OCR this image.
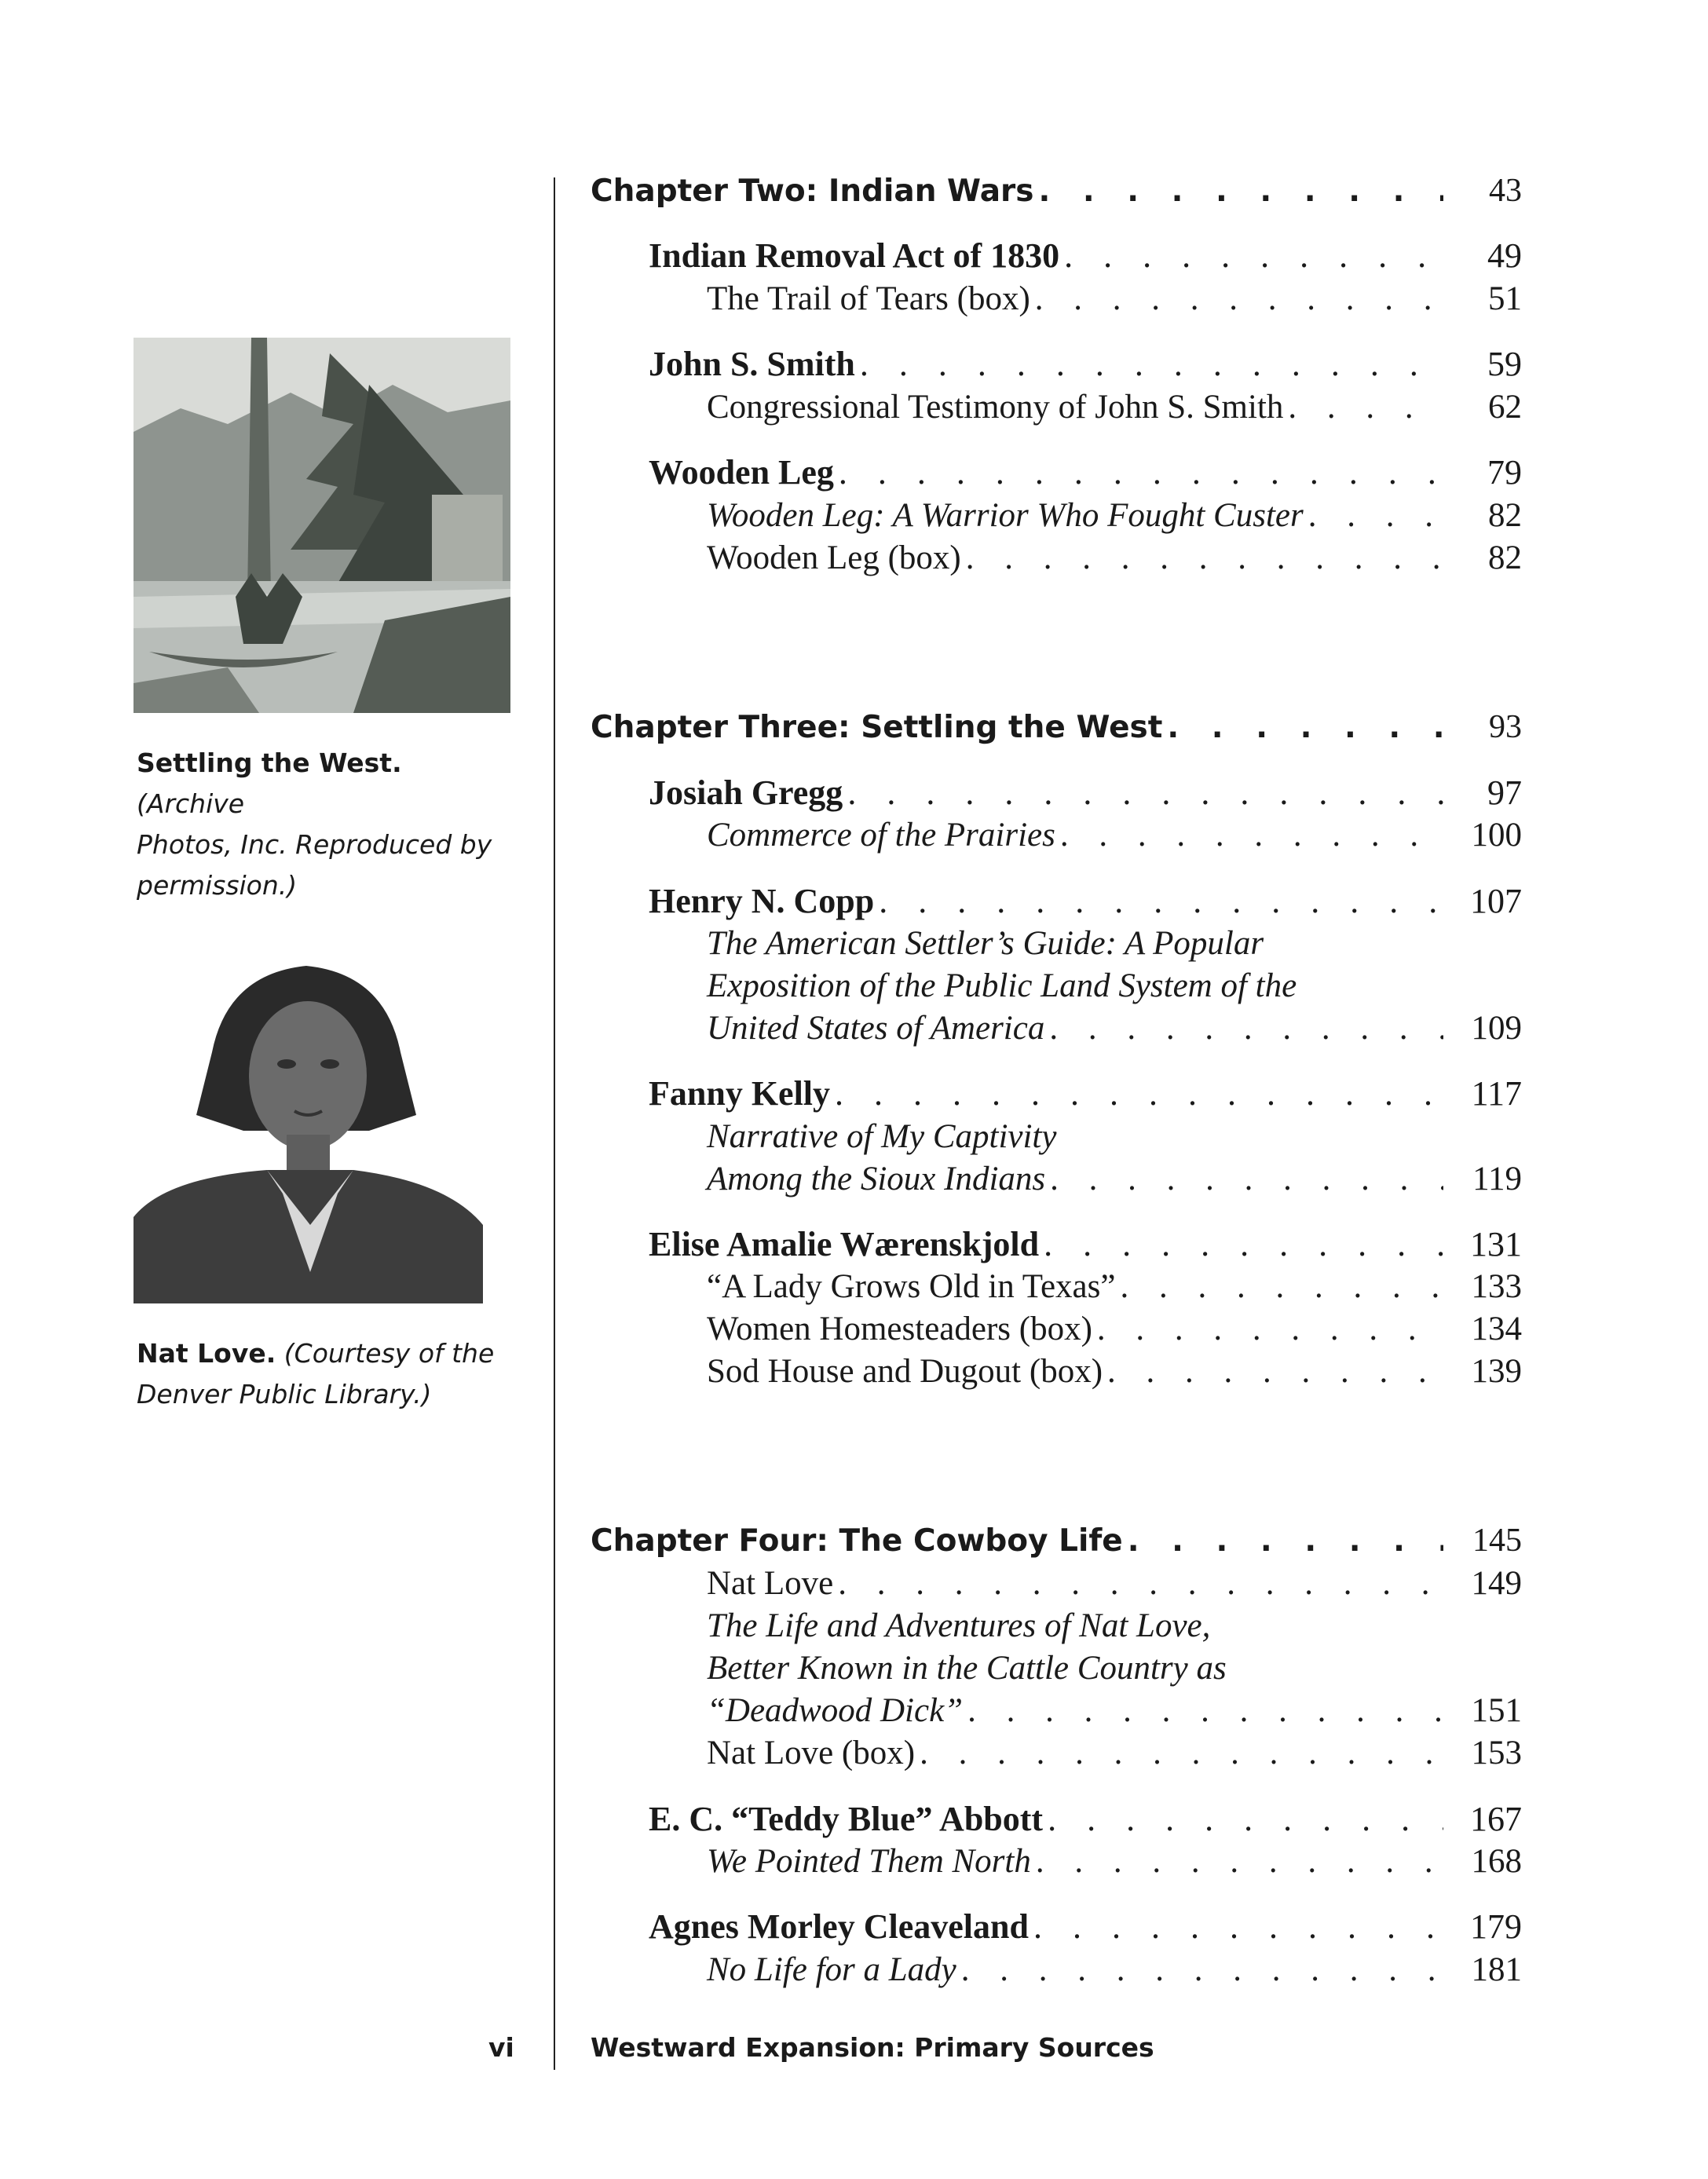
Settling the West. (Archive
Photos, Inc. Reproduced by
permission.)
Nat Love. (Courtesy of the
Denver Public Library.)
Chapter Two: Indian Wars . . .	43
Indian Removal Act of 1830 . . .	49
The Trail of Tears (box) . . .	51
John S. Smith . . .	59
Congressional Testimony of John S. Smith . . .	62
Wooden Leg . . .	79
Wooden Leg: A Warrior Who Fought Custer . . .	82
Wooden Leg (box) . . .	82
Chapter Three: Settling the West . . .	93
Josiah Gregg . . .	97
Commerce of the Prairies . . .	100
Henry N. Copp . . .	107
The American Settler’s Guide: A Popular
Exposition of the Public Land System of the
United States of America . . .	109
Fanny Kelly . . .	117
Narrative of My Captivity
Among the Sioux Indians . . .	119
Elise Amalie Wærenskjold . . .	131
“A Lady Grows Old in Texas” . . .	133
Women Homesteaders (box) . . .	134
Sod House and Dugout (box) . . .	139
Chapter Four: The Cowboy Life . . .	145
Nat Love . . .	149
The Life and Adventures of Nat Love,
Better Known in the Cattle Country as
“Deadwood Dick” . . .	151
Nat Love (box) . . .	153
E. C. “Teddy Blue” Abbott . . .	167
We Pointed Them North . . .	168
Agnes Morley Cleaveland . . .	179
No Life for a Lady . . .	181
vi	Westward Expansion: Primary Sources
